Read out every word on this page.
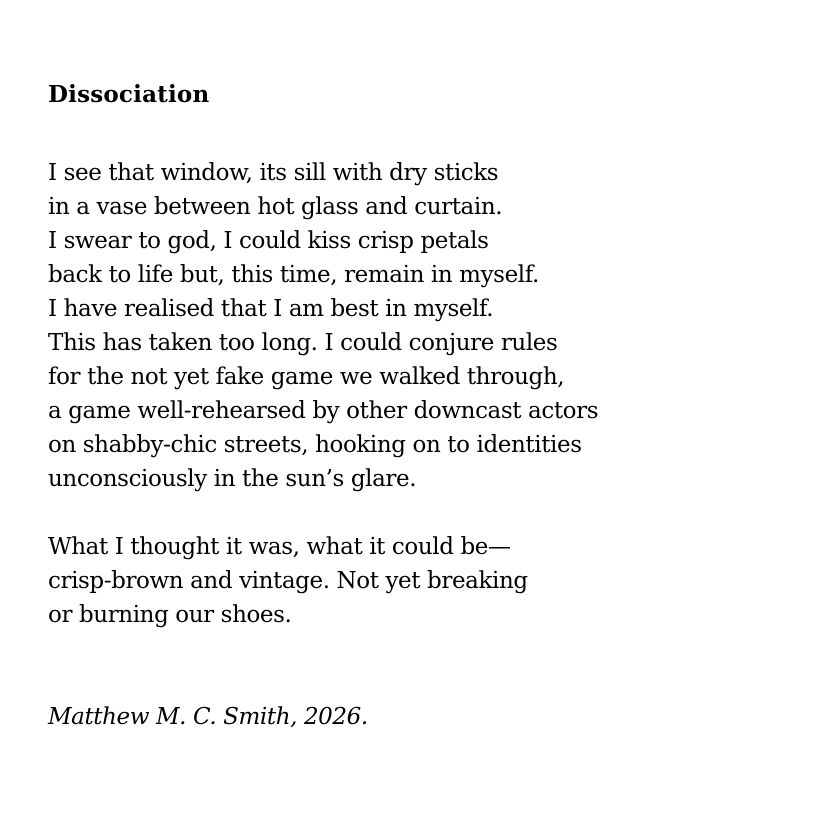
Dissociation
I see that window, its sill with dry sticks
in a vase between hot glass and curtain.
I swear to god, I could kiss crisp petals
back to life but, this time, remain in myself.
I have realised that I am best in myself.
This has taken too long. I could conjure rules
for the not yet fake game we walked through,
a game well-rehearsed by other downcast actors
on shabby-chic streets, hooking on to identities
unconsciously in the sun’s glare.
What I thought it was, what it could be—
crisp-brown and vintage. Not yet breaking
or burning our shoes.

Matthew M. C. Smith, 2026.
